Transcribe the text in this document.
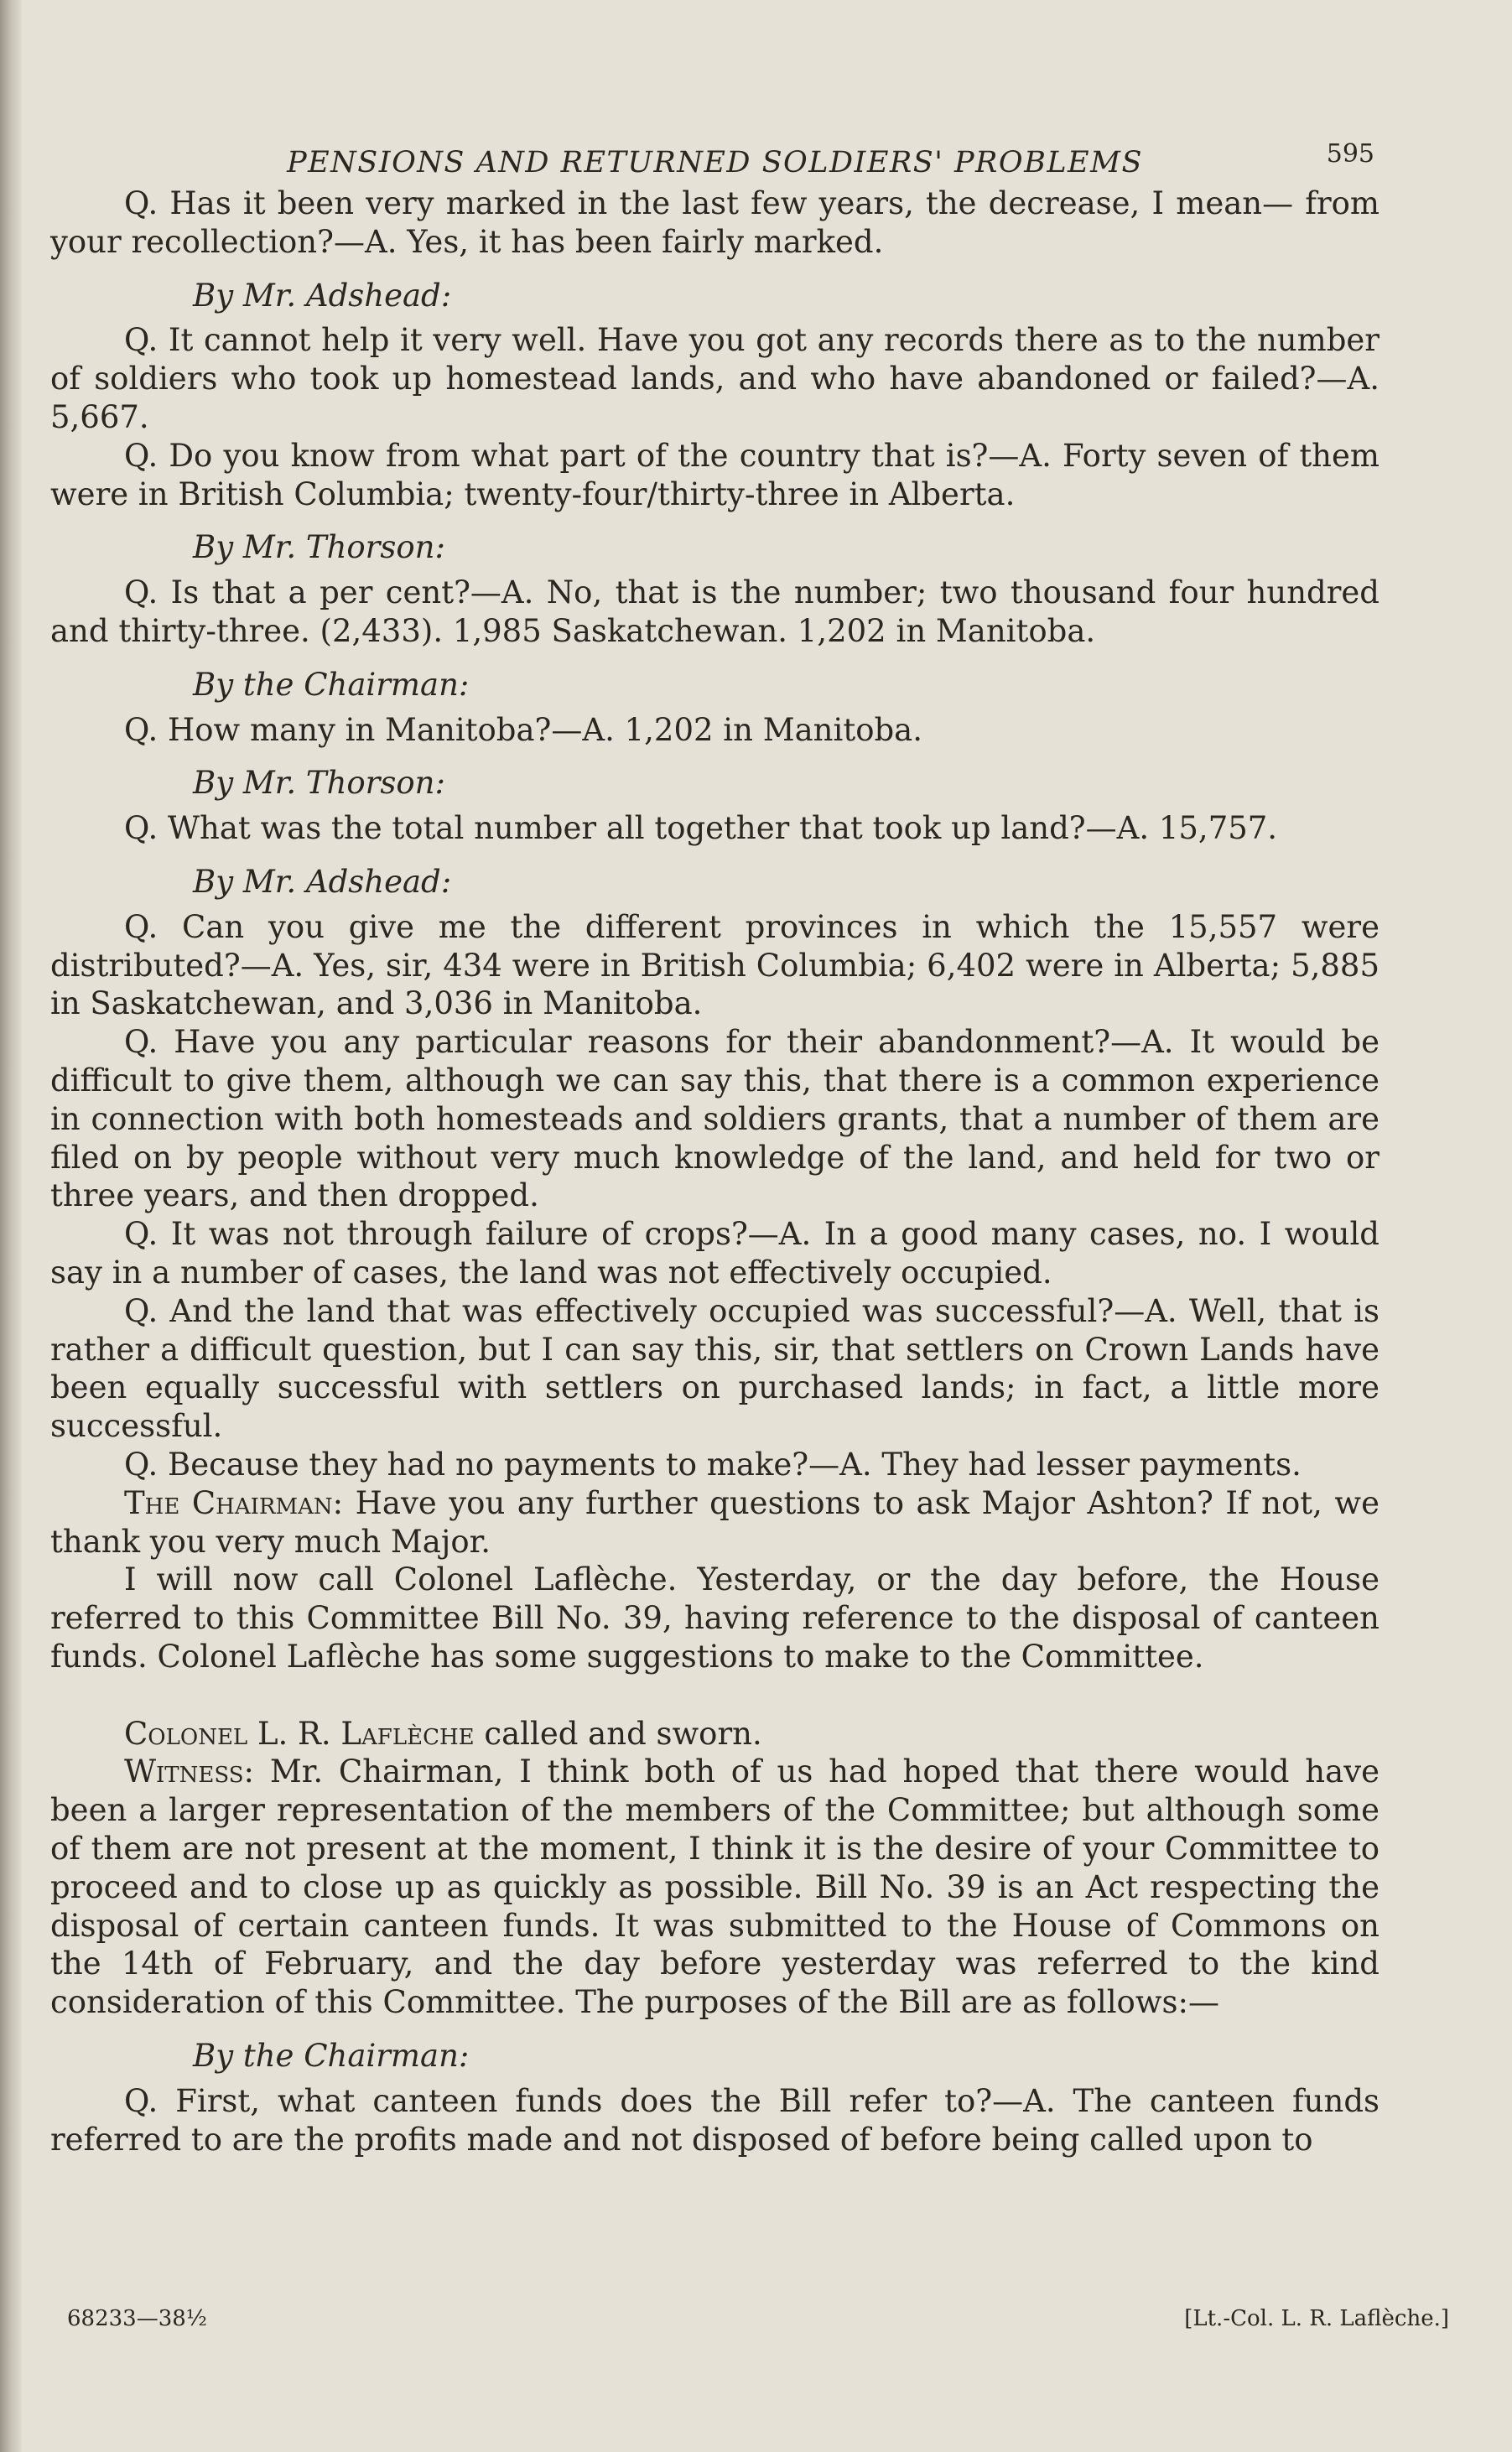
PENSIONS AND RETURNED SOLDIERS' PROBLEMS	595

Q. Has it been very marked in the last few years, the decrease, I mean— from your recollection?—A. Yes, it has been fairly marked.

By Mr. Adshead:

Q. It cannot help it very well. Have you got any records there as to the number of soldiers who took up homestead lands, and who have abandoned or failed?—A. 5,667.

Q. Do you know from what part of the country that is?—A. Forty seven of them were in British Columbia; twenty-four/thirty-three in Alberta.

By Mr. Thorson:

Q. Is that a per cent?—A. No, that is the number; two thousand four hundred and thirty-three. (2,433). 1,985 Saskatchewan. 1,202 in Manitoba.

By the Chairman:

Q. How many in Manitoba?—A. 1,202 in Manitoba.

By Mr. Thorson:

Q. What was the total number all together that took up land?—A. 15,757.

By Mr. Adshead:

Q. Can you give me the different provinces in which the 15,557 were distributed?—A. Yes, sir, 434 were in British Columbia; 6,402 were in Alberta; 5,885 in Saskatchewan, and 3,036 in Manitoba.

Q. Have you any particular reasons for their abandonment?—A. It would be difficult to give them, although we can say this, that there is a common experience in connection with both homesteads and soldiers grants, that a number of them are filed on by people without very much knowledge of the land, and held for two or three years, and then dropped.

Q. It was not through failure of crops?—A. In a good many cases, no. I would say in a number of cases, the land was not effectively occupied.

Q. And the land that was effectively occupied was successful?—A. Well, that is rather a difficult question, but I can say this, sir, that settlers on Crown Lands have been equally successful with settlers on purchased lands; in fact, a little more successful.

Q. Because they had no payments to make?—A. They had lesser payments.

The Chairman: Have you any further questions to ask Major Ashton? If not, we thank you very much Major.

I will now call Colonel Laflèche. Yesterday, or the day before, the House referred to this Committee Bill No. 39, having reference to the disposal of canteen funds. Colonel Laflèche has some suggestions to make to the Committee.

Colonel L. R. Laflèche called and sworn.

Witness: Mr. Chairman, I think both of us had hoped that there would have been a larger representation of the members of the Committee; but although some of them are not present at the moment, I think it is the desire of your Committee to proceed and to close up as quickly as possible. Bill No. 39 is an Act respecting the disposal of certain canteen funds. It was submitted to the House of Commons on the 14th of February, and the day before yesterday was referred to the kind consideration of this Committee. The purposes of the Bill are as follows:—

By the Chairman:

Q. First, what canteen funds does the Bill refer to?—A. The canteen funds referred to are the profits made and not disposed of before being called upon to

68233—38½	[Lt.-Col. L. R. Laflèche.]
